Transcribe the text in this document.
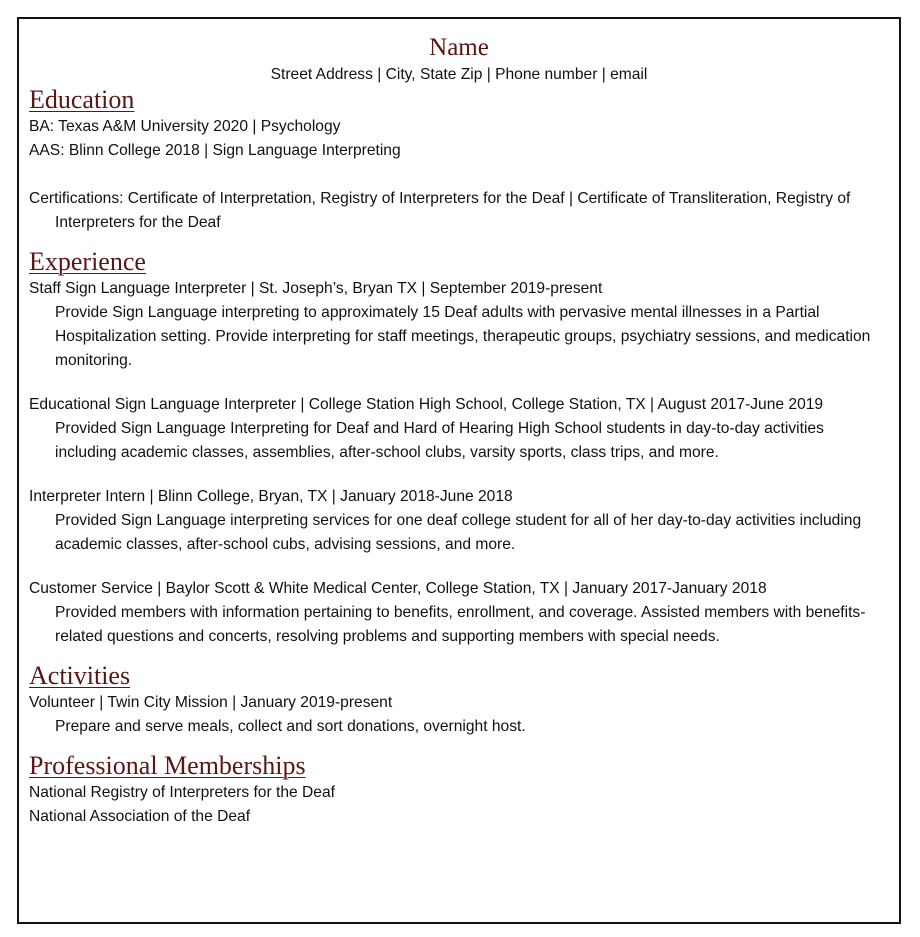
Name
Street Address | City, State Zip | Phone number | email
Education

BA: Texas A&M University 2020 | Psychology

AAS: Blinn College 2018 | Sign Language Interpreting

Certifications: Certificate of Interpretation, Registry of Interpreters for the Deaf | Certificate of Transliteration, Registry of Interpreters for the Deaf

Experience

Staff Sign Language Interpreter | St. Joseph’s, Bryan TX | September 2019-present

Provide Sign Language interpreting to approximately 15 Deaf adults with pervasive mental illnesses in a Partial Hospitalization setting. Provide interpreting for staff meetings, therapeutic groups, psychiatry sessions, and medication monitoring.

Educational Sign Language Interpreter | College Station High School, College Station, TX | August 2017-June 2019

Provided Sign Language Interpreting for Deaf and Hard of Hearing High School students in day-to-day activities including academic classes, assemblies, after-school clubs, varsity sports, class trips, and more.

Interpreter Intern | Blinn College, Bryan, TX | January 2018-June 2018

Provided Sign Language interpreting services for one deaf college student for all of her day-to-day activities including academic classes, after-school cubs, advising sessions, and more.

Customer Service | Baylor Scott & White Medical Center, College Station, TX | January 2017-January 2018

Provided members with information pertaining to benefits, enrollment, and coverage. Assisted members with benefits-related questions and concerts, resolving problems and supporting members with special needs.

Activities

Volunteer | Twin City Mission | January 2019-present

Prepare and serve meals, collect and sort donations, overnight host.

Professional Memberships

National Registry of Interpreters for the Deaf

National Association of the Deaf
